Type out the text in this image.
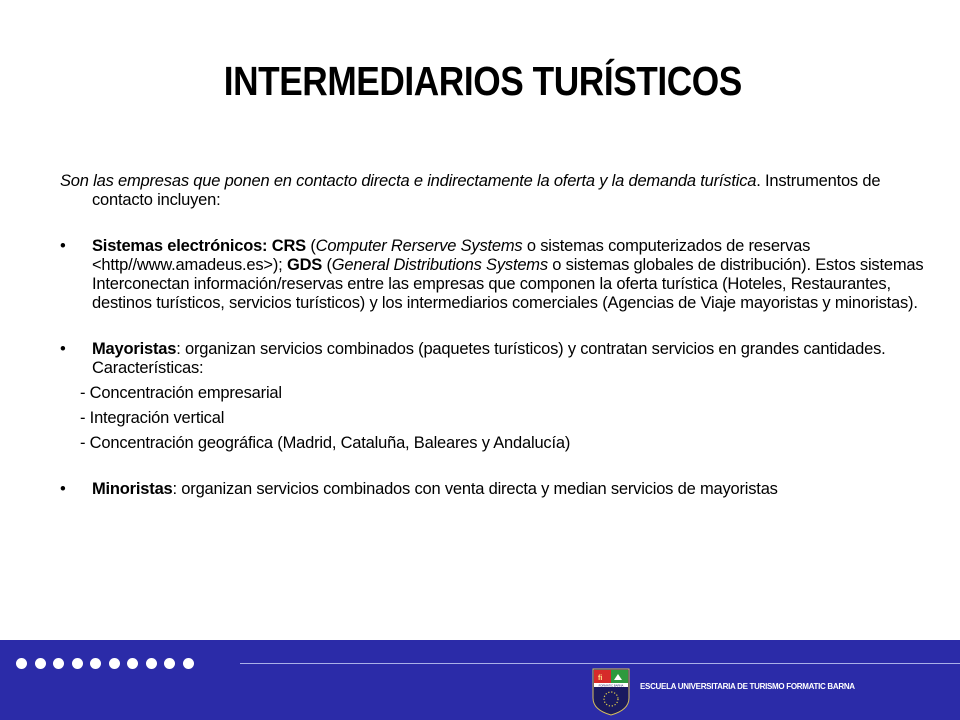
INTERMEDIARIOS TURÍSTICOS

Son las empresas que ponen en contacto directa e indirectamente la oferta y la demanda turística. Instrumentos de contacto incluyen:

• Sistemas electrónicos: CRS (Computer Rerserve Systems o sistemas computerizados de reservas <http//www.amadeus.es>); GDS (General Distributions Systems o sistemas globales de distribución). Estos sistemas Interconectan información/reservas entre las empresas que componen la oferta turística (Hoteles, Restaurantes, destinos turísticos, servicios turísticos) y los intermediarios comerciales (Agencias de Viaje mayoristas y minoristas).

• Mayoristas: organizan servicios combinados (paquetes turísticos) y contratan servicios en grandes cantidades. Características:

- Concentración empresarial
- Integración vertical
- Concentración geográfica (Madrid, Cataluña, Baleares y Andalucía)

• Minoristas: organizan servicios combinados con venta directa y median servicios de mayoristas

fi
FORMATIC BARNA ESCUELA UNIVERSITARIA DE TURISMO FORMATIC BARNA
